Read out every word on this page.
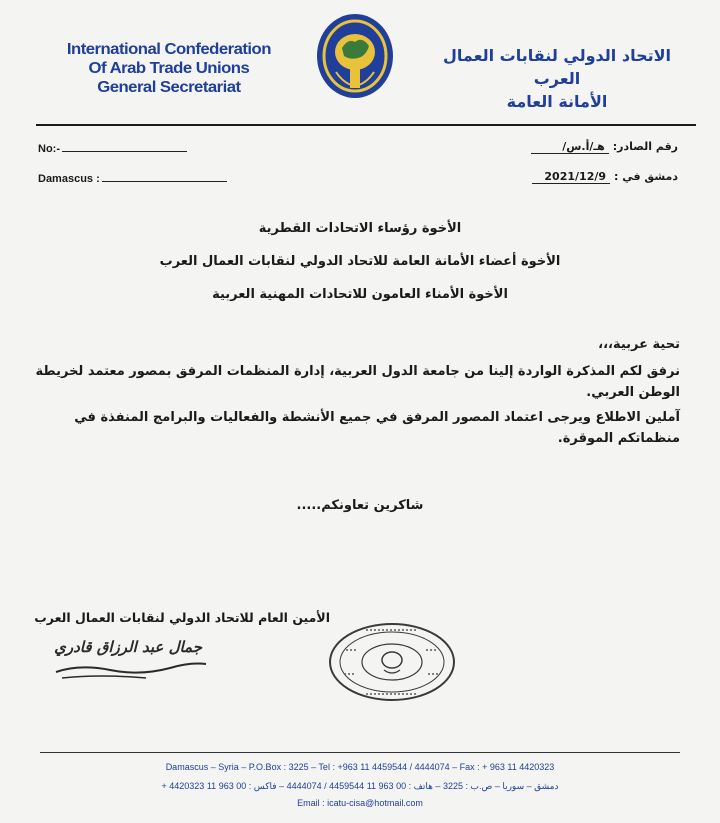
International Confederation
Of Arab Trade Unions
General Secretariat
الاتحاد الدولي لنقابات العمال العرب
الأمانة العامة
No:-
Damascus :
رقم الصادر:هـ/أ.س/
دمشق في :2021/12/9
الأخوة رؤساء الاتحادات القطرية
الأخوة أعضاء الأمانة العامة للاتحاد الدولي لنقابات العمال العرب
الأخوة الأمناء العامون للاتحادات المهنية العربية

تحية عربية،،،

نرفق لكم المذكرة الواردة إلينا من جامعة الدول العربية، إدارة المنظمات المرفق بمصور معتمد لخريطة الوطن العربي.

آملين الاطلاع ويرجى اعتماد المصور المرفق في جميع الأنشطة والفعاليات والبرامج المنفذة في منظماتكم الموقرة.

شاكرين تعاونكم.....
الأمين العام للاتحاد الدولي لنقابات العمال العرب
جمال عبد الرزاق قادري
Damascus – Syria – P.O.Box : 3225 – Tel : +963 11 4459544 / 4444074 – Fax : + 963 11 4420323
دمشق – سوريا – ص.ب : 3225 – هاتف : 00 963 11 4459544 / 4444074 – فاكس : 00 963 11 4420323 +
Email : icatu-cisa@hotmail.com
